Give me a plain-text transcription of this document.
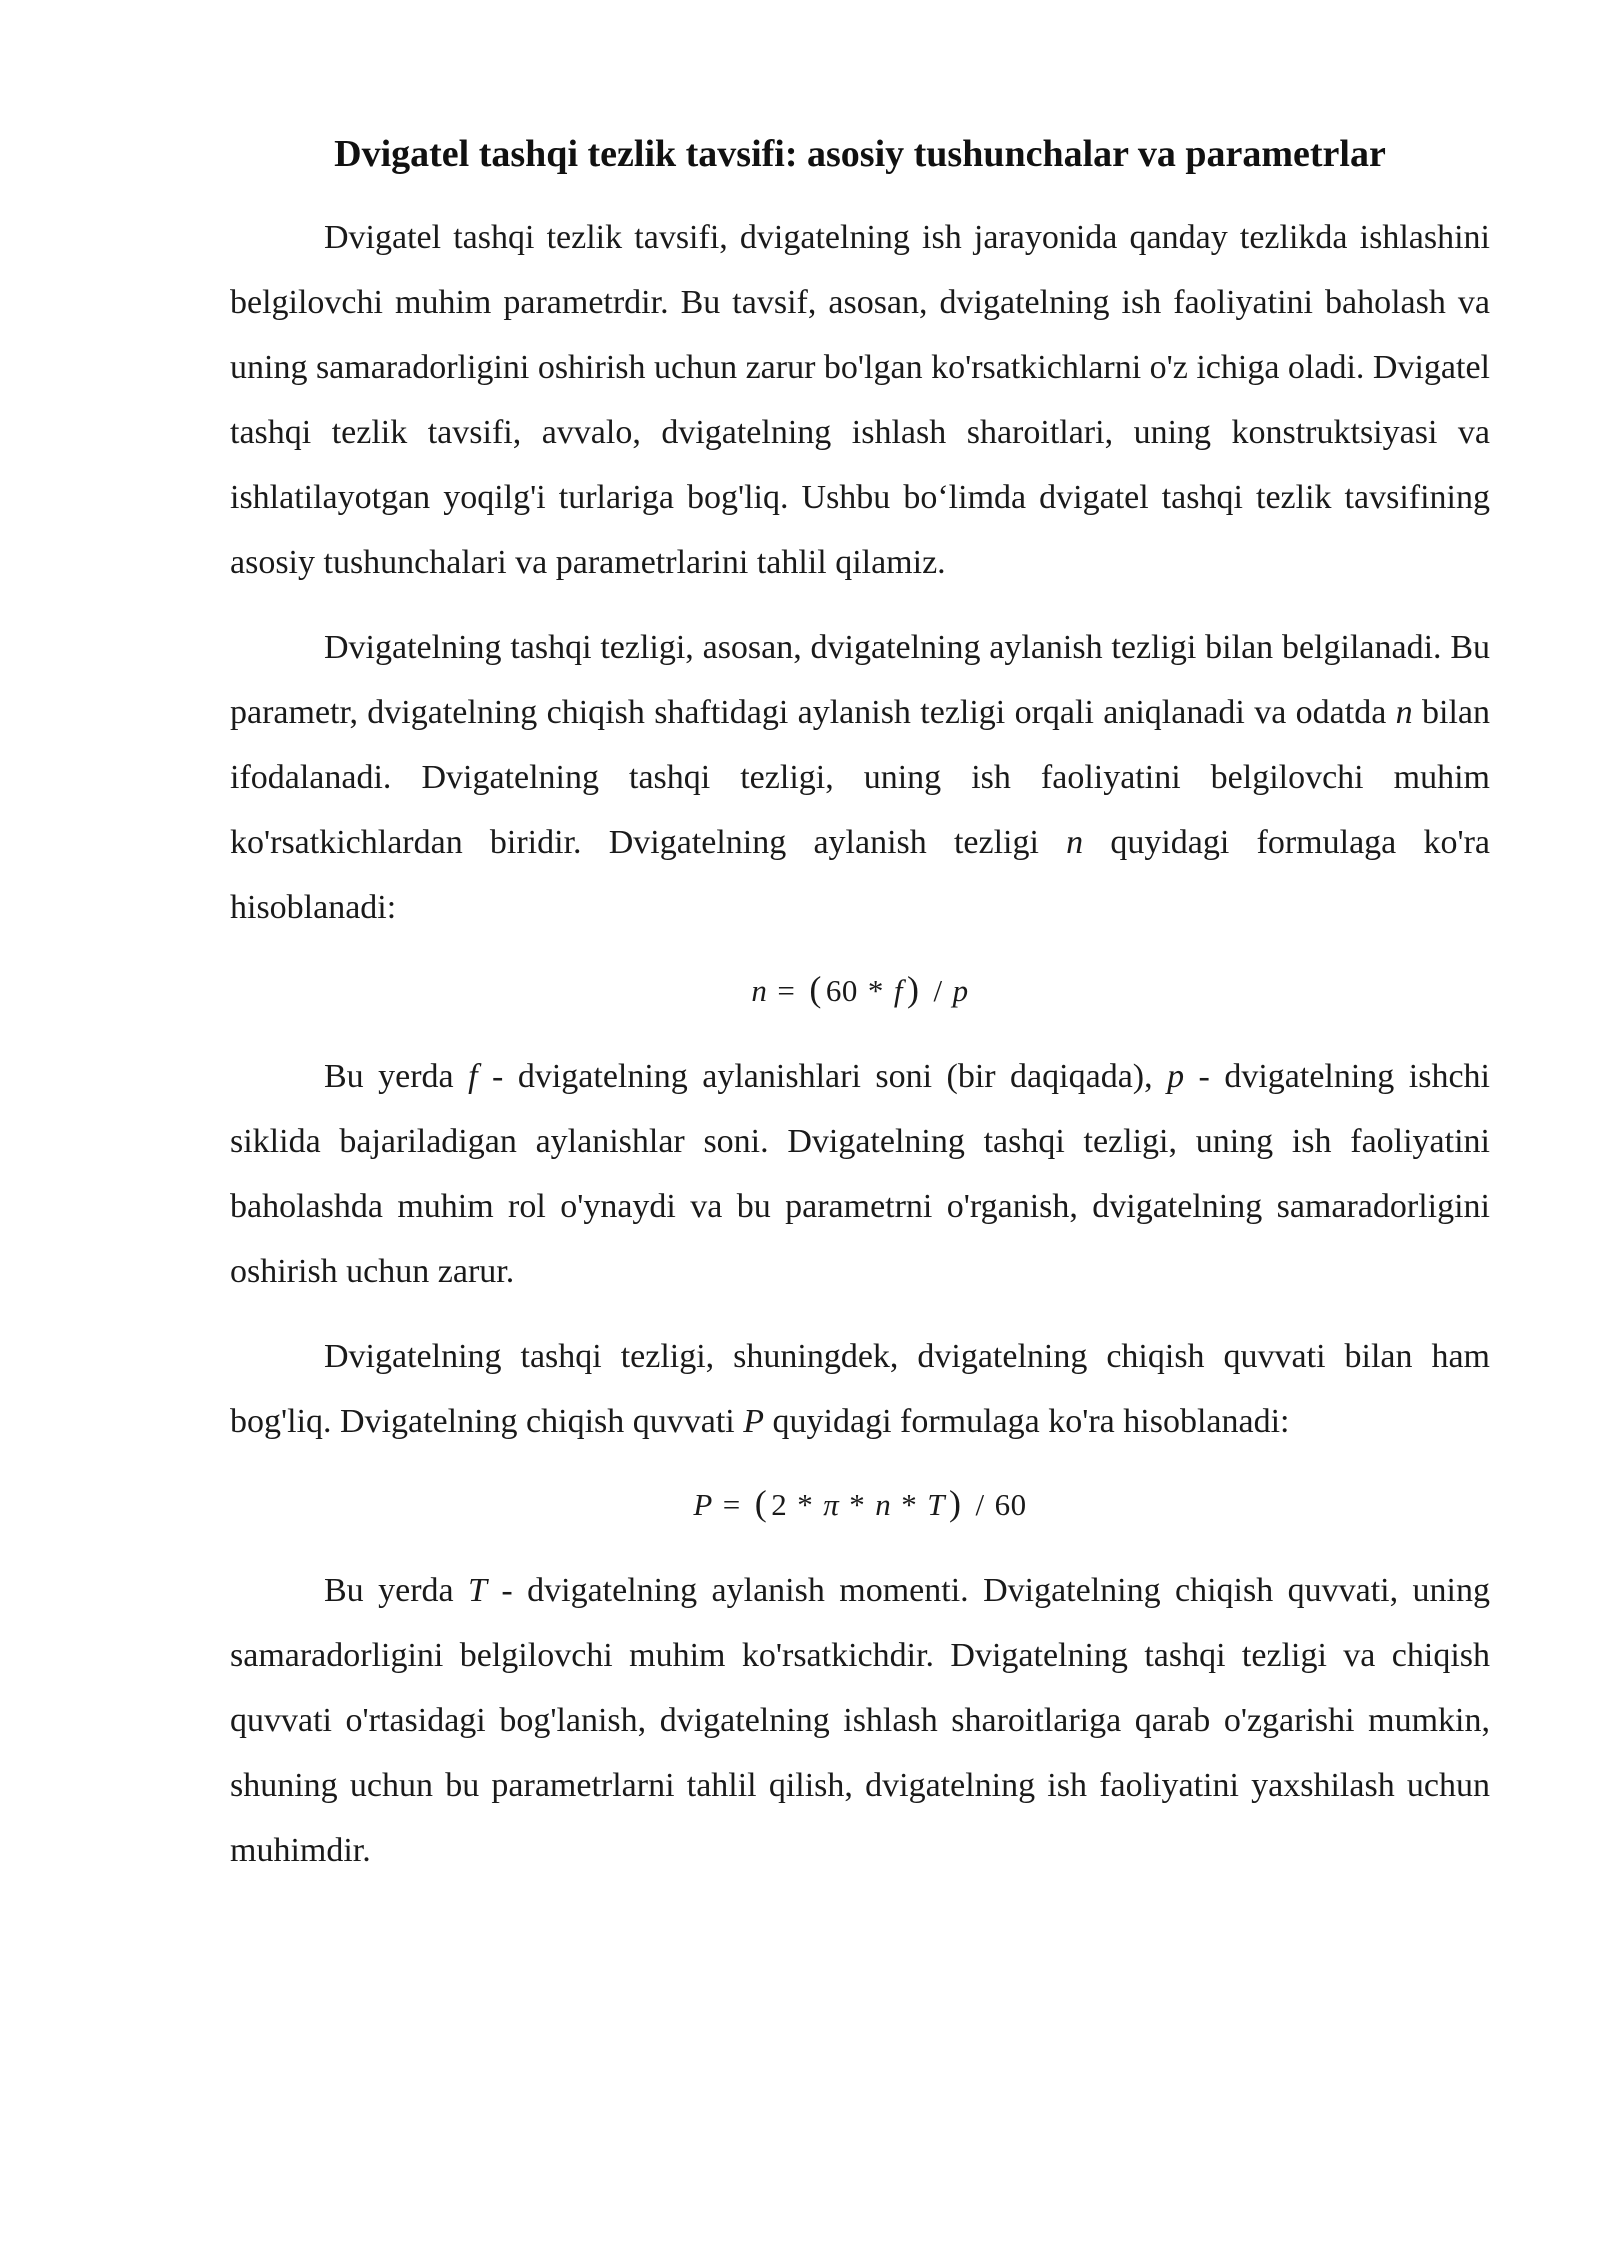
Dvigatel tashqi tezlik tavsifi: asosiy tushunchalar va parametrlar

Dvigatel tashqi tezlik tavsifi, dvigatelning ish jarayonida qanday tezlikda ishlashini belgilovchi muhim parametrdir. Bu tavsif, asosan, dvigatelning ish faoliyatini baholash va uning samaradorligini oshirish uchun zarur bo'lgan ko'rsatkichlarni o'z ichiga oladi. Dvigatel tashqi tezlik tavsifi, avvalo, dvigatelning ishlash sharoitlari, uning konstruktsiyasi va ishlatilayotgan yoqilg'i turlariga bog'liq. Ushbu bo‘limda dvigatel tashqi tezlik tavsifining asosiy tushunchalari va parametrlarini tahlil qilamiz.

Dvigatelning tashqi tezligi, asosan, dvigatelning aylanish tezligi bilan belgilanadi. Bu parametr, dvigatelning chiqish shaftidagi aylanish tezligi orqali aniqlanadi va odatda n bilan ifodalanadi. Dvigatelning tashqi tezligi, uning ish faoliyatini belgilovchi muhim ko'rsatkichlardan biridir. Dvigatelning aylanish tezligi n quyidagi formulaga ko'ra hisoblanadi:

n = ( 60 * f ) / p

Bu yerda f - dvigatelning aylanishlari soni (bir daqiqada), p - dvigatelning ishchi siklida bajariladigan aylanishlar soni. Dvigatelning tashqi tezligi, uning ish faoliyatini baholashda muhim rol o'ynaydi va bu parametrni o'rganish, dvigatelning samaradorligini oshirish uchun zarur.

Dvigatelning tashqi tezligi, shuningdek, dvigatelning chiqish quvvati bilan ham bog'liq. Dvigatelning chiqish quvvati P quyidagi formulaga ko'ra hisoblanadi:

P = ( 2 * π * n * T ) / 60

Bu yerda T - dvigatelning aylanish momenti. Dvigatelning chiqish quvvati, uning samaradorligini belgilovchi muhim ko'rsatkichdir. Dvigatelning tashqi tezligi va chiqish quvvati o'rtasidagi bog'lanish, dvigatelning ishlash sharoitlariga qarab o'zgarishi mumkin, shuning uchun bu parametrlarni tahlil qilish, dvigatelning ish faoliyatini yaxshilash uchun muhimdir.
